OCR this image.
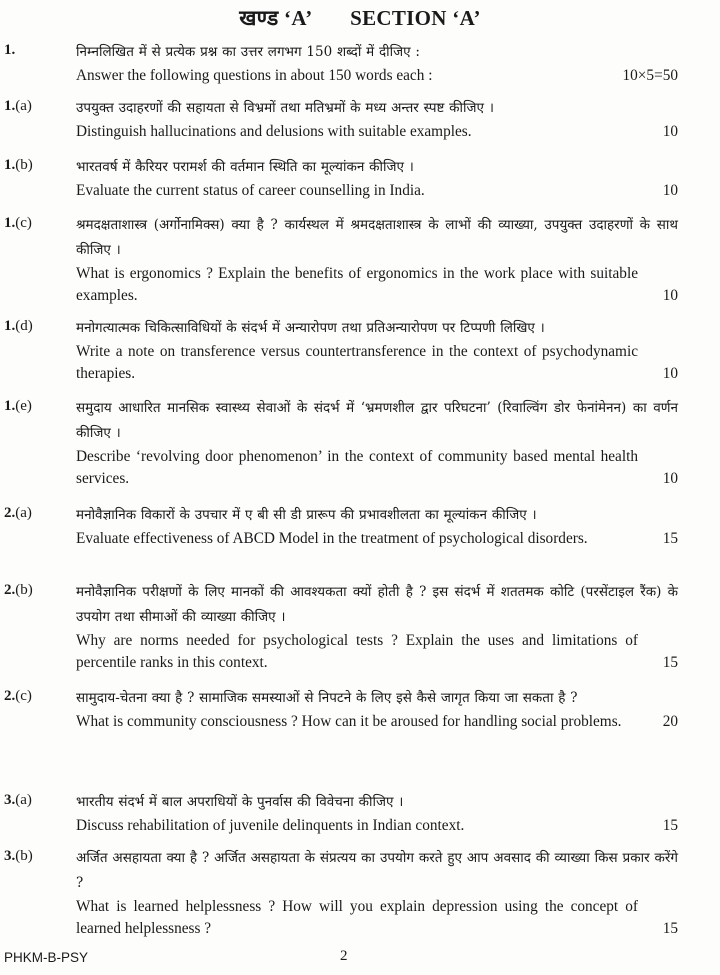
खण्ड ‘A’ SECTION ‘A’
1.	निम्नलिखित में से प्रत्येक प्रश्न का उत्तर लगभग 150 शब्दों में दीजिए :
Answer the following questions in about 150 words each :	10×5=50
1.(a)	उपयुक्त उदाहरणों की सहायता से विभ्रमों तथा मतिभ्रमों के मध्य अन्तर स्पष्ट कीजिए ।
Distinguish hallucinations and delusions with suitable examples.	10
1.(b)	भारतवर्ष में कैरियर परामर्श की वर्तमान स्थिति का मूल्यांकन कीजिए ।
Evaluate the current status of career counselling in India.	10
1.(c)	श्रमदक्षताशास्त्र (अर्गोनामिक्स) क्या है ? कार्यस्थल में श्रमदक्षताशास्त्र के लाभों की व्याख्या, उपयुक्त उदाहरणों के साथ कीजिए ।
What is ergonomics ? Explain the benefits of ergonomics in the work place with suitable examples.	10
1.(d)	मनोगत्यात्मक चिकित्साविधियों के संदर्भ में अन्यारोपण तथा प्रतिअन्यारोपण पर टिप्पणी लिखिए ।
Write a note on transference versus countertransference in the context of psychodynamic therapies.	10
1.(e)	समुदाय आधारित मानसिक स्वास्थ्य सेवाओं के संदर्भ में ‘भ्रमणशील द्वार परिघटना’ (रिवाल्विंग डोर फेनांमेनन) का वर्णन कीजिए ।
Describe ‘revolving door phenomenon’ in the context of community based mental health services.	10
2.(a)	मनोवैज्ञानिक विकारों के उपचार में ए बी सी डी प्रारूप की प्रभावशीलता का मूल्यांकन कीजिए ।
Evaluate effectiveness of ABCD Model in the treatment of psychological disorders.	15
2.(b)	मनोवैज्ञानिक परीक्षणों के लिए मानकों की आवश्यकता क्यों होती है ? इस संदर्भ में शततमक कोटि (परसेंटाइल रैंक) के उपयोग तथा सीमाओं की व्याख्या कीजिए ।
Why are norms needed for psychological tests ? Explain the uses and limitations of percentile ranks in this context.	15
2.(c)	सामुदाय-चेतना क्या है ? सामाजिक समस्याओं से निपटने के लिए इसे कैसे जागृत किया जा सकता है ?
What is community consciousness ? How can it be aroused for handling social problems.	20
3.(a)	भारतीय संदर्भ में बाल अपराधियों के पुनर्वास की विवेचना कीजिए ।
Discuss rehabilitation of juvenile delinquents in Indian context.	15
3.(b)	अर्जित असहायता क्या है ? अर्जित असहायता के संप्रत्यय का उपयोग करते हुए आप अवसाद की व्याख्या किस प्रकार करेंगे ?
What is learned helplessness ? How will you explain depression using the concept of learned helplessness ?	15
PHKM-B-PSY	2
